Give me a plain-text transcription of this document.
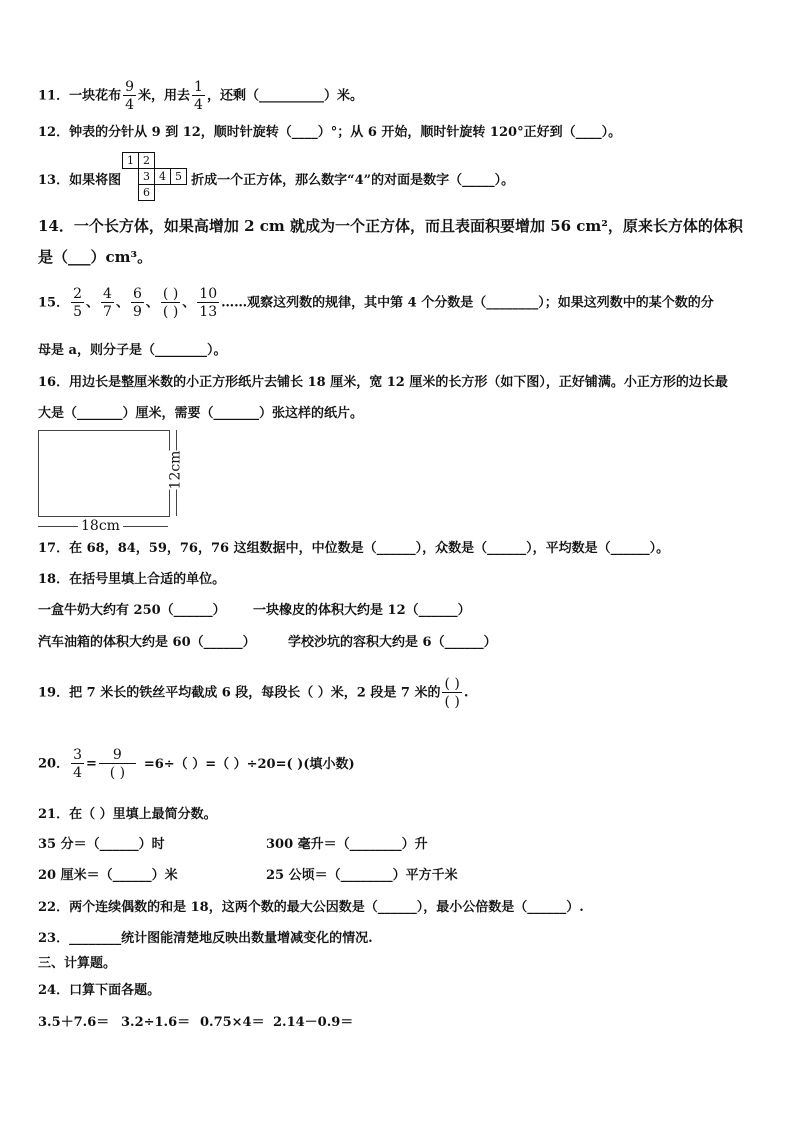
11．一块花布 $\frac{9}{4}$ 米，用去 $\frac{1}{4}$ ，还剩（__________）米。
12．钟表的分针从 9 到 12，顺时针旋转（____）°；从 6 开始，顺时针旋转 120°正好到（____）。
13．如果将图	折成一个正方体，那么数字“4”的对面是数字（_____）。
1 2
3 4 5
6
14．一个长方体，如果高增加 2 cm 就成为一个正方体，而且表面积要增加 56 cm²，原来长方体的体积
是（___）cm³。
15． $\frac{2}{5}$ 、 $\frac{4}{7}$ 、 $\frac{6}{9}$ 、 $\frac{( )}{( )}$ 、 $\frac{10}{13}$ ……观察这列数的规律，其中第 4 个分数是（________）；如果这列数中的某个数的分
母是 a，则分子是（________）。
16．用边长是整厘米数的小正方形纸片去铺长 18 厘米，宽 12 厘米的长方形（如下图），正好铺满。小正方形的边长最
大是（_______）厘米，需要（_______）张这样的纸片。
18cm
12cm
17．在 68，84，59，76，76 这组数据中，中位数是（______），众数是（______），平均数是（______）。
18．在括号里填上合适的单位。
一盒牛奶大约有 250（______） 一块橡皮的体积大约是 12（______）
汽车油箱的体积大约是 60（______） 学校沙坑的容积大约是 6（______）
19．把 7 米长的铁丝平均截成 6 段，每段长（ ）米，2 段是 7 米的 $\frac{( )}{( )}$ .
20． $\frac{3}{4} = \frac{9}{( )} =6\div$（ ）=（ ）÷20=( )(填小数)
21．在（ ）里填上最简分数。
35 分＝（______）时	300 毫升＝（________）升
20 厘米＝（______）米	25 公顷＝（________）平方千米
22．两个连续偶数的和是 18，这两个数的最大公因数是（______），最小公倍数是（______）.
23．________统计图能清楚地反映出数量增减变化的情况.
三、计算题。
24．口算下面各题。
3.5＋7.6＝ 3.2÷1.6＝ 0.75×4＝ 2.14－0.9＝
